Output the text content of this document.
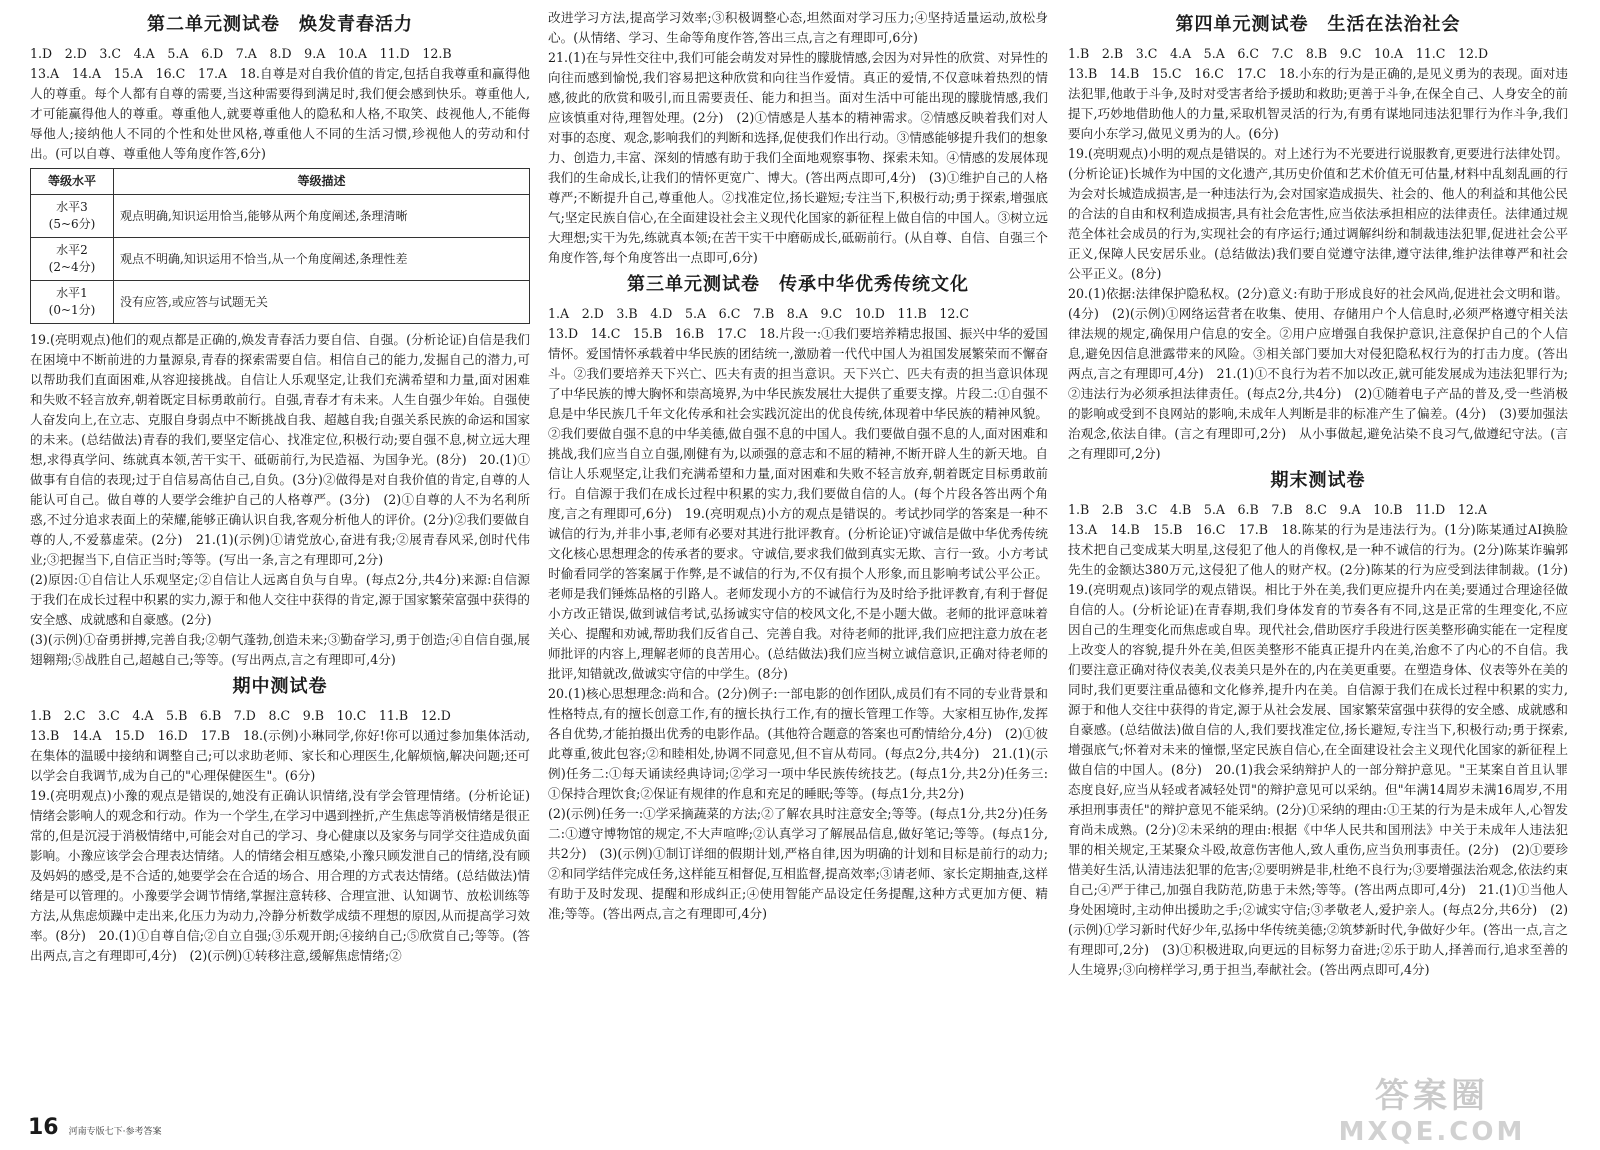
第二单元测试卷　焕发青春活力

1.D　2.D　3.C　4.A　5.A　6.D　7.A　8.D　9.A　10.A　11.D　12.B
13.A　14.A　15.A　16.C　17.A　18.自尊是对自我价值的肯定,包括自我尊重和赢得他人的尊重。每个人都有自尊的需要,当这种需要得到满足时,我们便会感到快乐。尊重他人,才可能赢得他人的尊重。尊重他人,就要尊重他人的隐私和人格,不取笑、歧视他人,不能侮辱他人;接纳他人不同的个性和处世风格,尊重他人不同的生活习惯,珍视他人的劳动和付出。(可以自尊、尊重他人等角度作答,6分)

等级水平	等级描述
水平3
(5~6分)	观点明确,知识运用恰当,能够从两个角度阐述,条理清晰
水平2
(2~4分)	观点不明确,知识运用不恰当,从一个角度阐述,条理性差
水平1
(0~1分)	没有应答,或应答与试题无关

19.(亮明观点)他们的观点都是正确的,焕发青春活力要自信、自强。(分析论证)自信是我们在困境中不断前进的力量源泉,青春的探索需要自信。相信自己的能力,发掘自己的潜力,可以帮助我们直面困难,从容迎接挑战。自信让人乐观坚定,让我们充满希望和力量,面对困难和失败不轻言放弃,朝着既定目标勇敢前行。自强,青春才有未来。人生自强少年始。自强使人奋发向上,在立志、克服自身弱点中不断挑战自我、超越自我;自强关系民族的命运和国家的未来。(总结做法)青春的我们,要坚定信心、找准定位,积极行动;要自强不息,树立远大理想,求得真学问、练就真本领,苦干实干、砥砺前行,为民造福、为国争光。(8分)　20.(1)①做事有自信的表现;过于自信易高估自己,自负。(3分)②做得是对自我价值的肯定,自尊的人能认可自己。做自尊的人要学会维护自己的人格尊严。(3分)　(2)①自尊的人不为名利所惑,不过分追求表面上的荣耀,能够正确认识自我,客观分析他人的评价。(2分)②我们要做自尊的人,不爱慕虚荣。(2分)　21.(1)(示例)①请党放心,奋进有我;②展青春风采,创时代伟业;③把握当下,自信正当时;等等。(写出一条,言之有理即可,2分)
(2)原因:①自信让人乐观坚定;②自信让人远离自负与自卑。(每点2分,共4分)来源:自信源于我们在成长过程中积累的实力,源于和他人交往中获得的肯定,源于国家繁荣富强中获得的安全感、成就感和自豪感。(2分)
(3)(示例)①奋勇拼搏,完善自我;②朝气蓬勃,创造未来;③勤奋学习,勇于创造;④自信自强,展翅翱翔;⑤战胜自己,超越自己;等等。(写出两点,言之有理即可,4分)

期中测试卷

1.B　2.C　3.C　4.A　5.B　6.B　7.D　8.C　9.B　10.C　11.B　12.D
13.B　14.A　15.D　16.D　17.B　18.(示例)小琳同学,你好!你可以通过参加集体活动,在集体的温暖中接纳和调整自己;可以求助老师、家长和心理医生,化解烦恼,解决问题;还可以学会自我调节,成为自己的"心理保健医生"。(6分)
19.(亮明观点)小豫的观点是错误的,她没有正确认识情绪,没有学会管理情绪。(分析论证)情绪会影响人的观念和行动。作为一个学生,在学习中遇到挫折,产生焦虑等消极情绪是很正常的,但是沉浸于消极情绪中,可能会对自己的学习、身心健康以及家务与同学交往造成负面影响。小豫应该学会合理表达情绪。人的情绪会相互感染,小豫只顾发泄自己的情绪,没有顾及妈妈的感受,是不合适的,她要学会在合适的场合、用合理的方式表达情绪。(总结做法)情绪是可以管理的。小豫要学会调节情绪,掌握注意转移、合理宣泄、认知调节、放松训练等方法,从焦虑烦躁中走出来,化压力为动力,冷静分析数学成绩不理想的原因,从而提高学习效率。(8分)　20.(1)①自尊自信;②自立自强;③乐观开朗;④接纳自己;⑤欣赏自己;等等。(答出两点,言之有理即可,4分)　(2)(示例)①转移注意,缓解焦虑情绪;②

改进学习方法,提高学习效率;③积极调整心态,坦然面对学习压力;④坚持适量运动,放松身心。(从情绪、学习、生命等角度作答,答出三点,言之有理即可,6分)
21.(1)在与异性交往中,我们可能会萌发对异性的朦胧情感,会因为对异性的欣赏、对异性的向往而感到愉悦,我们容易把这种欣赏和向往当作爱情。真正的爱情,不仅意味着热烈的情感,彼此的欣赏和吸引,而且需要责任、能力和担当。面对生活中可能出现的朦胧情感,我们应该慎重对待,理智处理。(2分)　(2)①情感是人基本的精神需求。②情感反映着我们对人对事的态度、观念,影响我们的判断和选择,促使我们作出行动。③情感能够提升我们的想象力、创造力,丰富、深刻的情感有助于我们全面地观察事物、探索未知。④情感的发展体现我们的生命成长,让我们的情怀更宽广、博大。(答出两点即可,4分)　(3)①维护自己的人格尊严;不断提升自己,尊重他人。②找准定位,扬长避短;专注当下,积极行动;勇于探索,增强底气;坚定民族自信心,在全面建设社会主义现代化国家的新征程上做自信的中国人。③树立远大理想;实干为先,练就真本领;在苦干实干中磨砺成长,砥砺前行。(从自尊、自信、自强三个角度作答,每个角度答出一点即可,6分)

第三单元测试卷　传承中华优秀传统文化

1.A　2.D　3.B　4.D　5.A　6.C　7.B　8.A　9.C　10.D　11.B　12.C
13.D　14.C　15.B　16.B　17.C　18.片段一:①我们要培养精忠报国、振兴中华的爱国情怀。爱国情怀承载着中华民族的团结统一,激励着一代代中国人为祖国发展繁荣而不懈奋斗。②我们要培养天下兴亡、匹夫有责的担当意识。天下兴亡、匹夫有责的担当意识体现了中华民族的博大胸怀和崇高境界,为中华民族发展壮大提供了重要支撑。片段二:①自强不息是中华民族几千年文化传承和社会实践沉淀出的优良传统,体现着中华民族的精神风貌。②我们要做自强不息的中华美德,做自强不息的中国人。我们要做自强不息的人,面对困难和挑战,我们应当自立自强,刚健有为,以顽强的意志和不屈的精神,不断开辟人生的新天地。自信让人乐观坚定,让我们充满希望和力量,面对困难和失败不轻言放弃,朝着既定目标勇敢前行。自信源于我们在成长过程中积累的实力,我们要做自信的人。(每个片段各答出两个角度,言之有理即可,6分)　19.(亮明观点)小方的观点是错误的。考试抄同学的答案是一种不诚信的行为,并非小事,老师有必要对其进行批评教育。(分析论证)守诚信是做中华优秀传统文化核心思想理念的传承者的要求。守诚信,要求我们做到真实无欺、言行一致。小方考试时偷看同学的答案属于作弊,是不诚信的行为,不仅有损个人形象,而且影响考试公平公正。老师是我们锤炼品格的引路人。老师发现小方的不诚信行为及时给予批评教育,有利于督促小方改正错误,做到诚信考试,弘扬诚实守信的校风文化,不是小题大做。老师的批评意味着关心、提醒和劝诫,帮助我们反省自己、完善自我。对待老师的批评,我们应把注意力放在老师批评的内容上,理解老师的良苦用心。(总结做法)我们应当树立诚信意识,正确对待老师的批评,知错就改,做诚实守信的中学生。(8分)
20.(1)核心思想理念:尚和合。(2分)例子:一部电影的创作团队,成员们有不同的专业背景和性格特点,有的擅长创意工作,有的擅长执行工作,有的擅长管理工作等。大家相互协作,发挥各自优势,才能拍摄出优秀的电影作品。(其他符合题意的答案也可酌情给分,4分)　(2)①彼此尊重,彼此包容;②和睦相处,协调不同意见,但不盲从苟同。(每点2分,共4分)　21.(1)(示例)任务二:①每天诵读经典诗词;②学习一项中华民族传统技艺。(每点1分,共2分)任务三:①保持合理饮食;②保证有规律的作息和充足的睡眠;等等。(每点1分,共2分)
(2)(示例)任务一:①学采摘蔬菜的方法;②了解农具时注意安全;等等。(每点1分,共2分)任务二:①遵守博物馆的规定,不大声喧哗;②认真学习了解展品信息,做好笔记;等等。(每点1分,共2分)　(3)(示例)①制订详细的假期计划,严格自律,因为明确的计划和目标是前行的动力;②和同学结伴完成任务,这样能互相督促,互相监督,提高效率;③请老师、家长定期抽查,这样有助于及时发现、提醒和形成纠正;④使用智能产品设定任务提醒,这种方式更加方便、精准;等等。(答出两点,言之有理即可,4分)

第四单元测试卷　生活在法治社会

1.B　2.B　3.C　4.A　5.A　6.C　7.C　8.B　9.C　10.A　11.C　12.D
13.B　14.B　15.C　16.C　17.C　18.小东的行为是正确的,是见义勇为的表现。面对违法犯罪,他敢于斗争,及时对受害者给予援助和救助;更善于斗争,在保全自己、人身安全的前提下,巧妙地借助他人的力量,采取机智灵活的行为,有勇有谋地同违法犯罪行为作斗争,我们要向小东学习,做见义勇为的人。(6分)
19.(亮明观点)小明的观点是错误的。对上述行为不光要进行说服教育,更要进行法律处罚。(分析论证)长城作为中国的文化遗产,其历史价值和艺术价值无可估量,材料中乱刻乱画的行为会对长城造成损害,是一种违法行为,会对国家造成损失、社会的、他人的利益和其他公民的合法的自由和权利造成损害,具有社会危害性,应当依法承担相应的法律责任。法律通过规范全体社会成员的行为,实现社会的有序运行;通过调解纠纷和制裁违法犯罪,促进社会公平正义,保障人民安居乐业。(总结做法)我们要自觉遵守法律,遵守法律,维护法律尊严和社会公平正义。(8分)
20.(1)依据:法律保护隐私权。(2分)意义:有助于形成良好的社会风尚,促进社会文明和谐。(4分)　(2)(示例)①网络运营者在收集、使用、存储用户个人信息时,必须严格遵守相关法律法规的规定,确保用户信息的安全。②用户应增强自我保护意识,注意保护自己的个人信息,避免因信息泄露带来的风险。③相关部门要加大对侵犯隐私权行为的打击力度。(答出两点,言之有理即可,4分)　21.(1)①不良行为若不加以改正,就可能发展成为违法犯罪行为;②违法行为必须承担法律责任。(每点2分,共4分)　(2)①随着电子产品的普及,受一些消极的影响或受到不良网站的影响,未成年人判断是非的标准产生了偏差。(4分)　(3)要加强法治观念,依法自律。(言之有理即可,2分)　从小事做起,避免沾染不良习气,做遵纪守法。(言之有理即可,2分)

期末测试卷

1.B　2.B　3.C　4.B　5.A　6.B　7.B　8.C　9.A　10.B　11.D　12.A
13.A　14.B　15.B　16.C　17.B　18.陈某的行为是违法行为。(1分)陈某通过AI换脸技术把自己变成某大明星,这侵犯了他人的肖像权,是一种不诚信的行为。(2分)陈某诈骗郭先生的金额达380万元,这侵犯了他人的财产权。(2分)陈某的行为应受到法律制裁。(1分)　19.(亮明观点)该同学的观点错误。相比于外在美,我们更应提升内在美;要通过合理途径做自信的人。(分析论证)在青春期,我们身体发育的节奏各有不同,这是正常的生理变化,不应因自己的生理变化而焦虑或自卑。现代社会,借助医疗手段进行医美整形确实能在一定程度上改变人的容貌,提升外在美,但医美整形不能真正提升内在美,治愈不了内心的不自信。我们要注意正确对待仪表美,仪表美只是外在的,内在美更重要。在塑造身体、仪表等外在美的同时,我们更要注重品德和文化修养,提升内在美。自信源于我们在成长过程中积累的实力,源于和他人交往中获得的肯定,源于从社会发展、国家繁荣富强中获得的安全感、成就感和自豪感。(总结做法)做自信的人,我们要找准定位,扬长避短,专注当下,积极行动;勇于探索,增强底气;怀着对未来的憧憬,坚定民族自信心,在全面建设社会主义现代化国家的新征程上做自信的中国人。(8分)　20.(1)我会采纳辩护人的一部分辩护意见。"王某案自首且认罪态度良好,应当从轻或者减轻处罚"的辩护意见可以采纳。但"年满14周岁未满16周岁,不用承担刑事责任"的辩护意见不能采纳。(2分)①采纳的理由:①王某的行为是未成年人,心智发育尚未成熟。(2分)②未采纳的理由:根据《中华人民共和国刑法》中关于未成年人违法犯罪的相关规定,王某聚众斗殴,故意伤害他人,致人重伤,应当负刑事责任。(2分)　(2)①要珍惜美好生活,认清违法犯罪的危害;②要明辨是非,杜绝不良行为;③要增强法治观念,依法约束自己;④严于律己,加强自我防范,防患于未然;等等。(答出两点即可,4分)　21.(1)①当他人身处困境时,主动伸出援助之手;②诚实守信;③孝敬老人,爱护亲人。(每点2分,共6分)　(2)(示例)①学习新时代好少年,弘扬中华传统美德;②筑梦新时代,争做好少年。(答出一点,言之有理即可,2分)　(3)①积极进取,向更远的目标努力奋进;②乐于助人,择善而行,追求至善的人生境界;③向榜样学习,勇于担当,奉献社会。(答出两点即可,4分)

16 河南专版七下·参考答案
答案圈
MXQE.COM
